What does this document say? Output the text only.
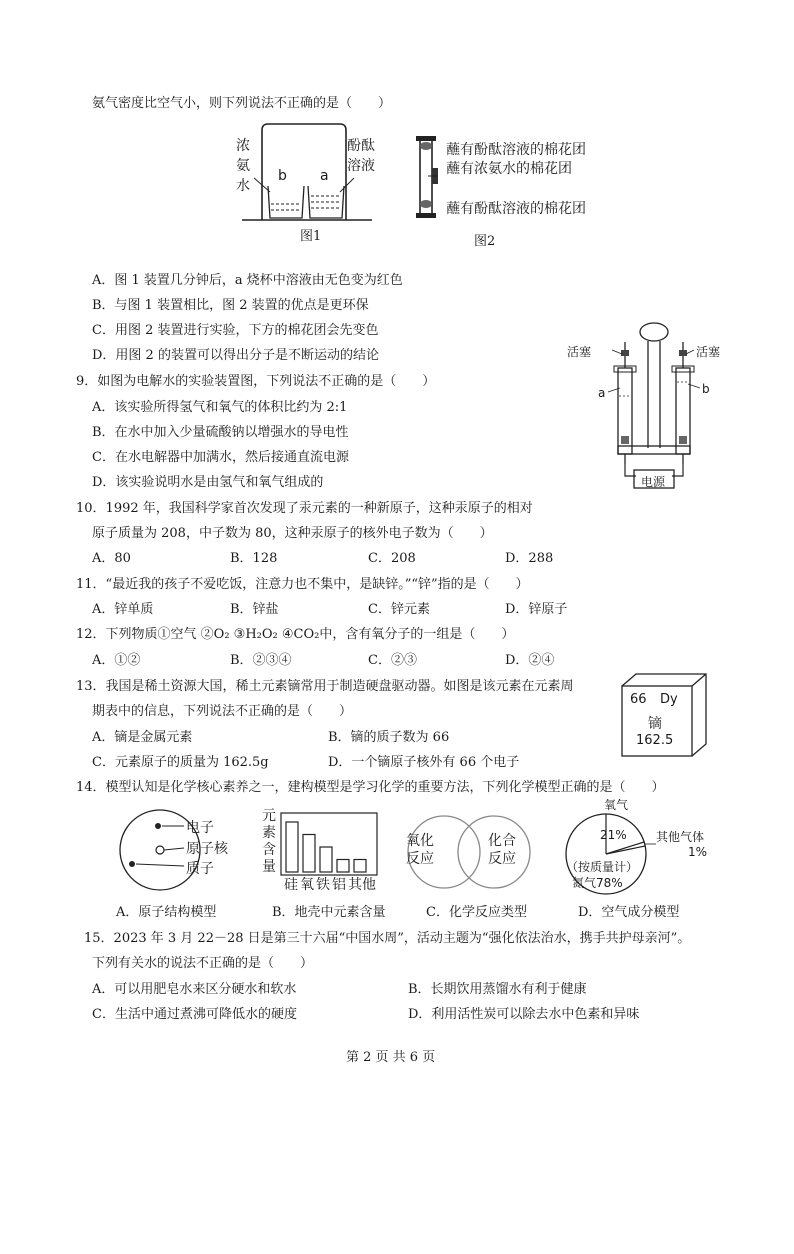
氨气密度比空气小，则下列说法不正确的是（　　）
浓
氨
水
酚酞
溶液
b a
图1
蘸有酚酞溶液的棉花团
蘸有浓氨水的棉花团
蘸有酚酞溶液的棉花团
图2
A．图 1 装置几分钟后，a 烧杯中溶液由无色变为红色
B．与图 1 装置相比，图 2 装置的优点是更环保
C．用图 2 装置进行实验，下方的棉花团会先变色
D．用图 2 的装置可以得出分子是不断运动的结论
9．如图为电解水的实验装置图，下列说法不正确的是（　　）
A．该实验所得氢气和氧气的体积比约为 2:1
B．在水中加入少量硫酸钠以增强水的导电性
C．在水电解器中加满水，然后接通直流电源
D．该实验说明水是由氢气和氧气组成的
活塞	活塞
a	b
电源
10．1992 年，我国科学家首次发现了汞元素的一种新原子，这种汞原子的相对
原子质量为 208，中子数为 80，这种汞原子的核外电子数为（　　）
A．80	B．128	C．208	D．288
11．“最近我的孩子不爱吃饭，注意力也不集中，是缺锌。”“锌”指的是（　　）
A．锌单质	B．锌盐	C．锌元素	D．锌原子
12．下列物质①空气 ②O₂ ③H₂O₂ ④CO₂中，含有氧分子的一组是（　　）
A．①②	B．②③④	C．②③	D．②④
13．我国是稀土资源大国，稀土元素镝常用于制造硬盘驱动器。如图是该元素在元素周
期表中的信息，下列说法不正确的是（　　）
A．镝是金属元素	B．镝的质子数为 66
C．元素原子的质量为 162.5g	D．一个镝原子核外有 66 个电子
66 Dy
镝
162.5
14．模型认知是化学核心素养之一，建构模型是学习化学的重要方法，下列化学模型正确的是（　　）
电子
原子核
质子
元
素
含
量
硅 氧 铁 铝 其他
氧化
反应
化合
反应
氧气
21% 其他气体
1%
（按质量计）
氮气78%
A．原子结构模型	B．地壳中元素含量	C．化学反应类型	D．空气成分模型
15．2023 年 3 月 22－28 日是第三十六届“中国水周”，活动主题为“强化依法治水，携手共护母亲河”。
下列有关水的说法不正确的是（　　）
A．可以用肥皂水来区分硬水和软水	B．长期饮用蒸馏水有利于健康
C．生活中通过煮沸可降低水的硬度	D．利用活性炭可以除去水中色素和异味
第 2 页 共 6 页
